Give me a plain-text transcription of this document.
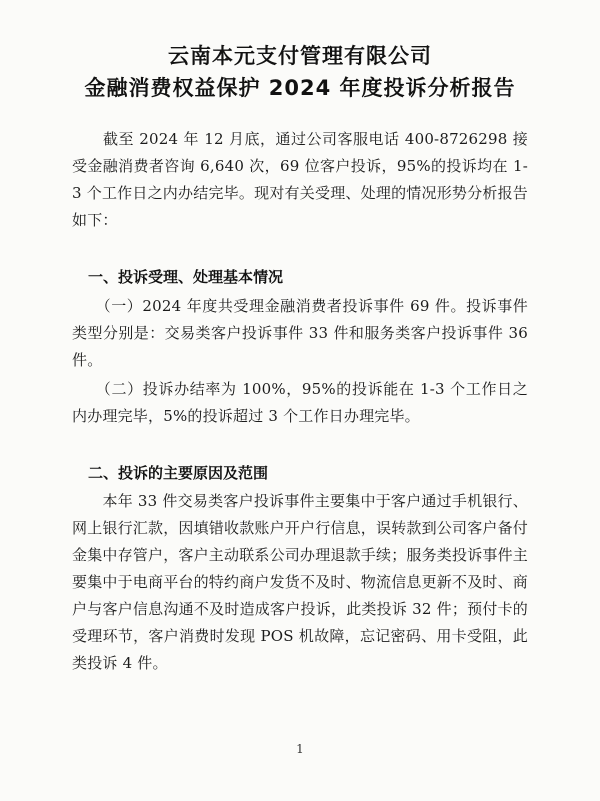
云南本元支付管理有限公司
金融消费权益保护 2024 年度投诉分析报告
　　截至 2024 年 12 月底，通过公司客服电话 400-8726298 接受金融消费者咨询 6,640 次，69 位客户投诉，95%的投诉均在 1-3 个工作日之内办结完毕。现对有关受理、处理的情况形势分析报告如下：
一、投诉受理、处理基本情况
　　（一）2024 年度共受理金融消费者投诉事件 69 件。投诉事件类型分别是：交易类客户投诉事件 33 件和服务类客户投诉事件 36 件。
　　（二）投诉办结率为 100%，95%的投诉能在 1-3 个工作日之内办理完毕，5%的投诉超过 3 个工作日办理完毕。
二、投诉的主要原因及范围
　　本年 33 件交易类客户投诉事件主要集中于客户通过手机银行、网上银行汇款，因填错收款账户开户行信息，误转款到公司客户备付金集中存管户，客户主动联系公司办理退款手续；服务类投诉事件主要集中于电商平台的特约商户发货不及时、物流信息更新不及时、商户与客户信息沟通不及时造成客户投诉，此类投诉 32 件；预付卡的受理环节，客户消费时发现 POS 机故障，忘记密码、用卡受阻，此类投诉 4 件。
1
